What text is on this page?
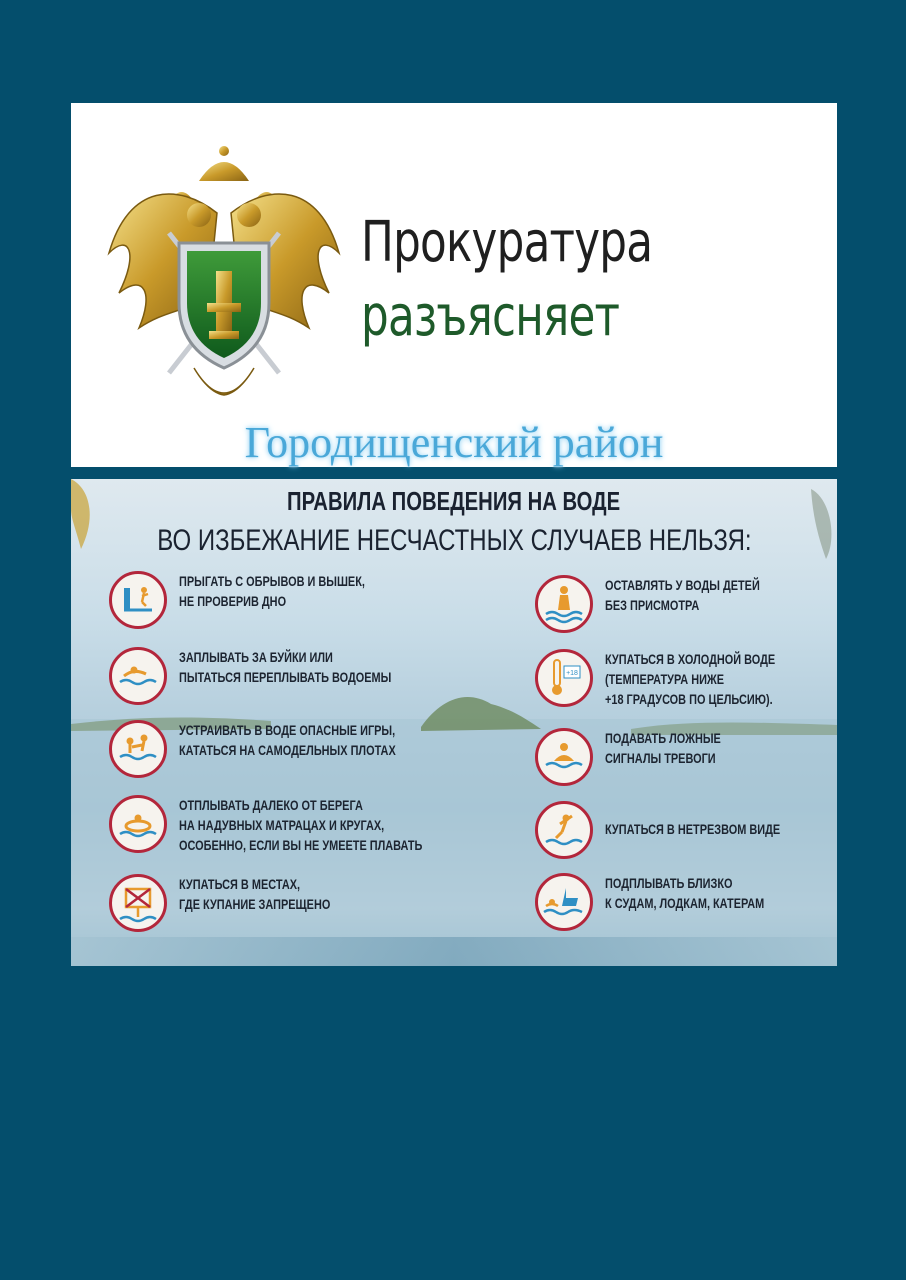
Прокуратура
разъясняет
Городищенский район
ПРАВИЛА ПОВЕДЕНИЯ НА ВОДЕ
ВО ИЗБЕЖАНИЕ НЕСЧАСТНЫХ СЛУЧАЕВ НЕЛЬЗЯ:
ПРЫГАТЬ С ОБРЫВОВ И ВЫШЕК,
НЕ ПРОВЕРИВ ДНО
ЗАПЛЫВАТЬ ЗА БУЙКИ ИЛИ
ПЫТАТЬСЯ ПЕРЕПЛЫВАТЬ ВОДОЕМЫ
УСТРАИВАТЬ В ВОДЕ ОПАСНЫЕ ИГРЫ,
КАТАТЬСЯ НА САМОДЕЛЬНЫХ ПЛОТАХ
ОТПЛЫВАТЬ ДАЛЕКО ОТ БЕРЕГА
НА НАДУВНЫХ МАТРАЦАХ И КРУГАХ,
ОСОБЕННО, ЕСЛИ ВЫ НЕ УМЕЕТЕ ПЛАВАТЬ
КУПАТЬСЯ В МЕСТАХ,
ГДЕ КУПАНИЕ ЗАПРЕЩЕНО
ОСТАВЛЯТЬ У ВОДЫ ДЕТЕЙ
БЕЗ ПРИСМОТРА
+18
КУПАТЬСЯ В ХОЛОДНОЙ ВОДЕ
(ТЕМПЕРАТУРА НИЖЕ
+18 ГРАДУСОВ ПО ЦЕЛЬСИЮ).
ПОДАВАТЬ ЛОЖНЫЕ
СИГНАЛЫ ТРЕВОГИ
КУПАТЬСЯ В НЕТРЕЗВОМ ВИДЕ
ПОДПЛЫВАТЬ БЛИЗКО
К СУДАМ, ЛОДКАМ, КАТЕРАМ
